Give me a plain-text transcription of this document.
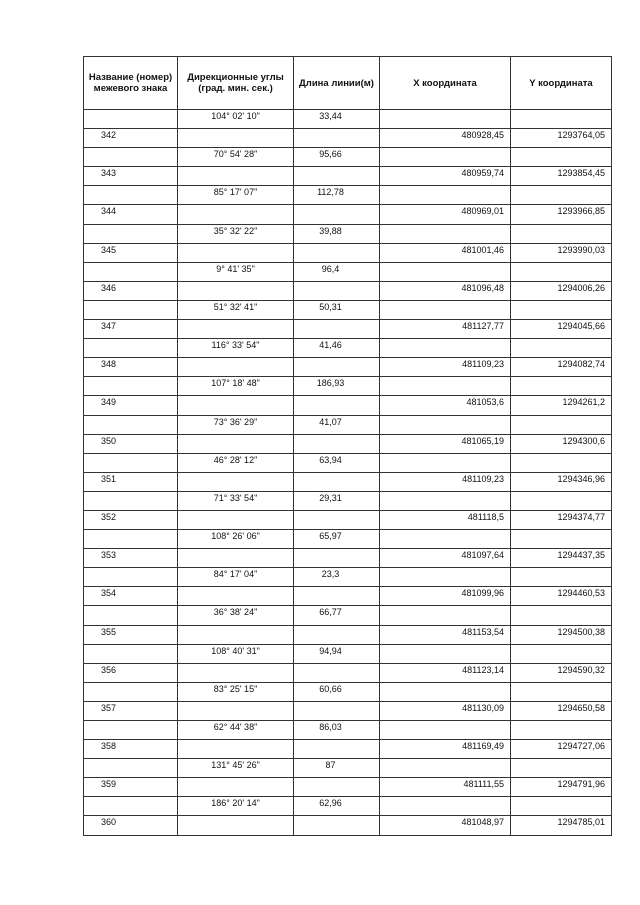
Название (номер) межевого знака	Дирекционные углы (град. мин. сек.)	Длина линии(м)	X координата	Y координата
	104° 02' 10"	33,44		
342			480928,45	1293764,05
	70° 54' 28"	95,66		
343			480959,74	1293854,45
	85° 17' 07"	112,78		
344			480969,01	1293966,85
	35° 32' 22"	39,88		
345			481001,46	1293990,03
	9° 41' 35"	96,4		
346			481096,48	1294006,26
	51° 32' 41"	50,31		
347			481127,77	1294045,66
	116° 33' 54"	41,46		
348			481109,23	1294082,74
	107° 18' 48"	186,93		
349			481053,6	1294261,2
	73° 36' 29"	41,07		
350			481065,19	1294300,6
	46° 28' 12"	63,94		
351			481109,23	1294346,96
	71° 33' 54"	29,31		
352			481118,5	1294374,77
	108° 26' 06"	65,97		
353			481097,64	1294437,35
	84° 17' 04"	23,3		
354			481099,96	1294460,53
	36° 38' 24"	66,77		
355			481153,54	1294500,38
	108° 40' 31"	94,94		
356			481123,14	1294590,32
	83° 25' 15"	60,66		
357			481130,09	1294650,58
	62° 44' 38"	86,03		
358			481169,49	1294727,06
	131° 45' 26"	87		
359			481111,55	1294791,96
	186° 20' 14"	62,96		
360			481048,97	1294785,01
